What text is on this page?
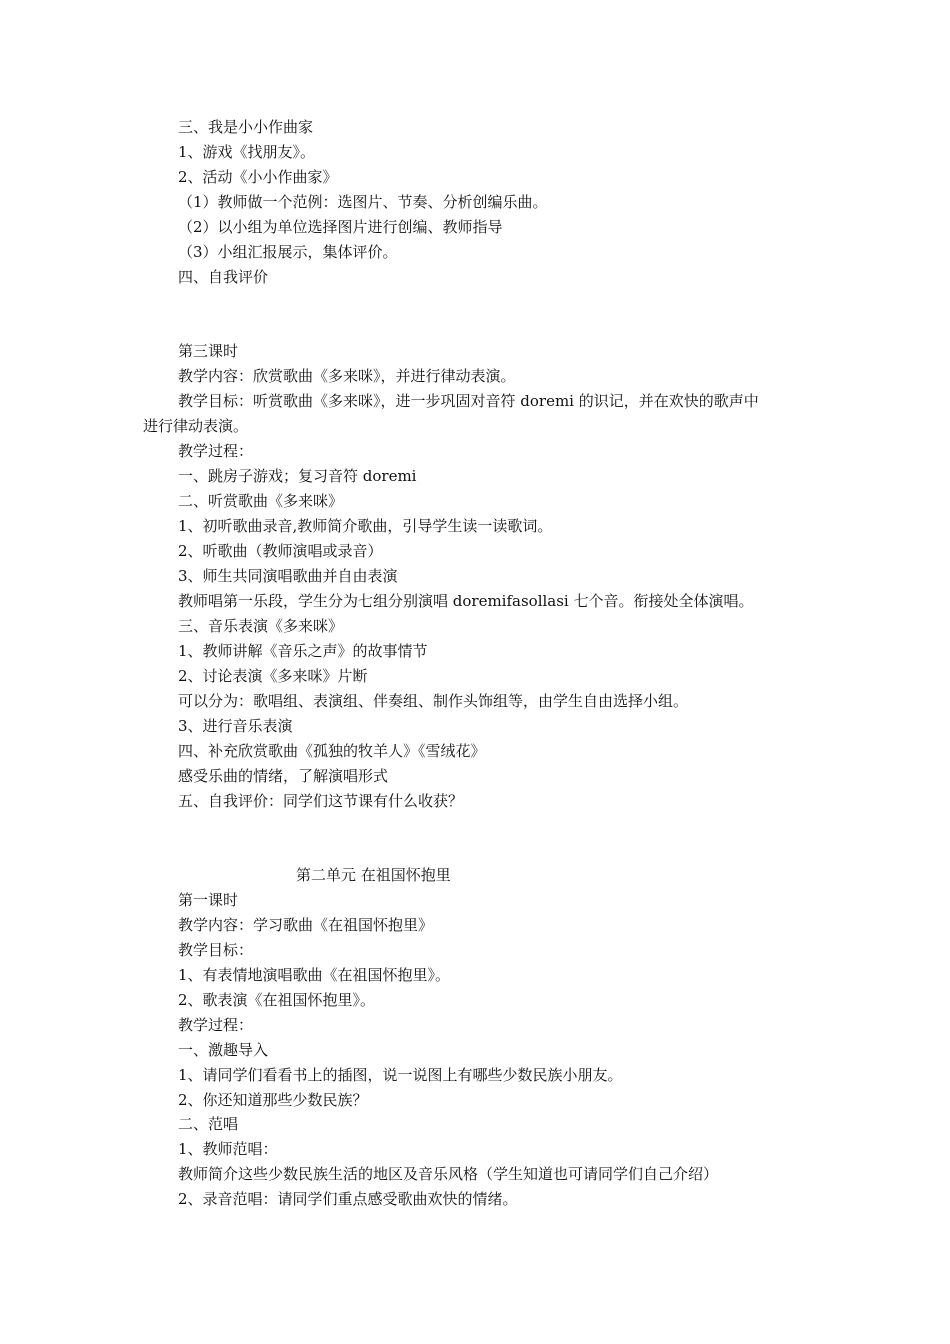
三、我是小小作曲家
1、游戏《找朋友》。
2、活动《小小作曲家》
（1）教师做一个范例：选图片、节奏、分析创编乐曲。
（2）以小组为单位选择图片进行创编、教师指导
（3）小组汇报展示，集体评价。
四、自我评价
第三课时
教学内容：欣赏歌曲《多来咪》，并进行律动表演。
教学目标：听赏歌曲《多来咪》，进一步巩固对音符 doremi 的识记，并在欢快的歌声中
进行律动表演。
教学过程：
一、跳房子游戏；复习音符 doremi
二、听赏歌曲《多来咪》
1、初听歌曲录音,教师简介歌曲，引导学生读一读歌词。
2、听歌曲（教师演唱或录音）
3、师生共同演唱歌曲并自由表演
教师唱第一乐段，学生分为七组分别演唱 doremifasollasi 七个音。衔接处全体演唱。
三、音乐表演《多来咪》
1、教师讲解《音乐之声》的故事情节
2、讨论表演《多来咪》片断
可以分为：歌唱组、表演组、伴奏组、制作头饰组等，由学生自由选择小组。
3、进行音乐表演
四、补充欣赏歌曲《孤独的牧羊人》《雪绒花》
感受乐曲的情绪，了解演唱形式
五、自我评价：同学们这节课有什么收获？
第二单元 在祖国怀抱里
第一课时
教学内容：学习歌曲《在祖国怀抱里》
教学目标：
1、有表情地演唱歌曲《在祖国怀抱里》。
2、歌表演《在祖国怀抱里》。
教学过程：
一、激趣导入
1、请同学们看看书上的插图，说一说图上有哪些少数民族小朋友。
2、你还知道那些少数民族？
二、范唱
1、教师范唱：
教师简介这些少数民族生活的地区及音乐风格（学生知道也可请同学们自己介绍）
2、录音范唱：请同学们重点感受歌曲欢快的情绪。
